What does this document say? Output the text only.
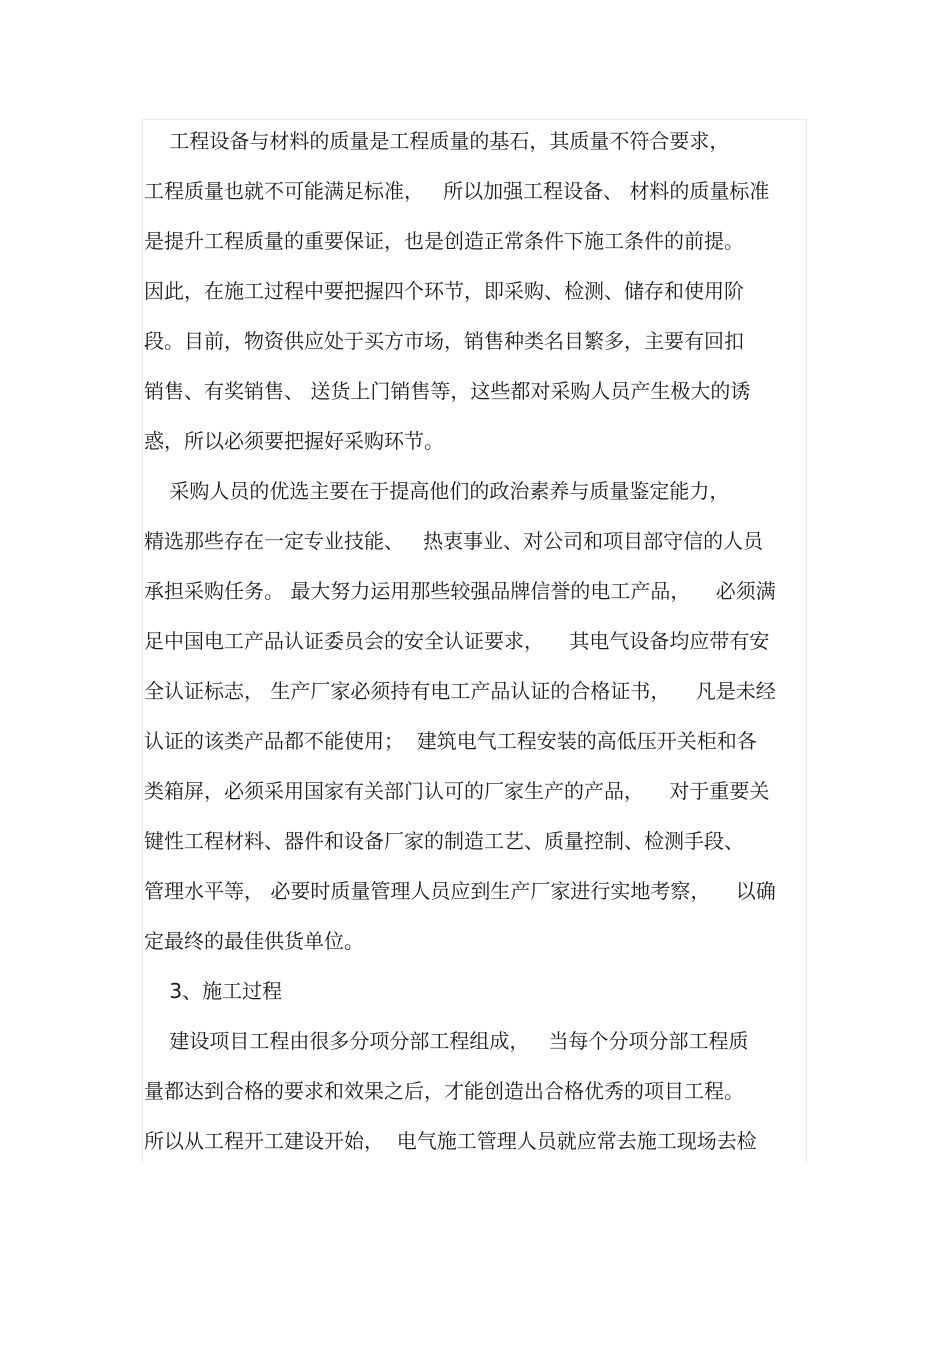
工程设备与材料的质量是工程质量的基石，其质量不符合要求，
工程质量也就不可能满足标准，   所以加强工程设备、 材料的质量标准
是提升工程质量的重要保证，也是创造正常条件下施工条件的前提。
因此，在施工过程中要把握四个环节，即采购、检测、储存和使用阶
段。目前，物资供应处于买方市场，销售种类名目繁多，主要有回扣
销售、有奖销售、 送货上门销售等，这些都对采购人员产生极大的诱
惑，所以必须要把握好采购环节。
采购人员的优选主要在于提高他们的政治素养与质量鉴定能力，
精选那些存在一定专业技能、   热衷事业、对公司和项目部守信的人员
承担采购任务。 最大努力运用那些较强品牌信誉的电工产品，    必须满
足中国电工产品认证委员会的安全认证要求，    其电气设备均应带有安
全认证标志， 生产厂家必须持有电工产品认证的合格证书，    凡是未经
认证的该类产品都不能使用；  建筑电气工程安装的高低压开关柜和各
类箱屏，必须采用国家有关部门认可的厂家生产的产品，    对于重要关
键性工程材料、器件和设备厂家的制造工艺、质量控制、检测手段、
管理水平等， 必要时质量管理人员应到生产厂家进行实地考察，    以确
定最终的最佳供货单位。
3、施工过程
建设项目工程由很多分项分部工程组成，   当每个分项分部工程质
量都达到合格的要求和效果之后，才能创造出合格优秀的项目工程。
所以从工程开工建设开始，  电气施工管理人员就应常去施工现场去检
